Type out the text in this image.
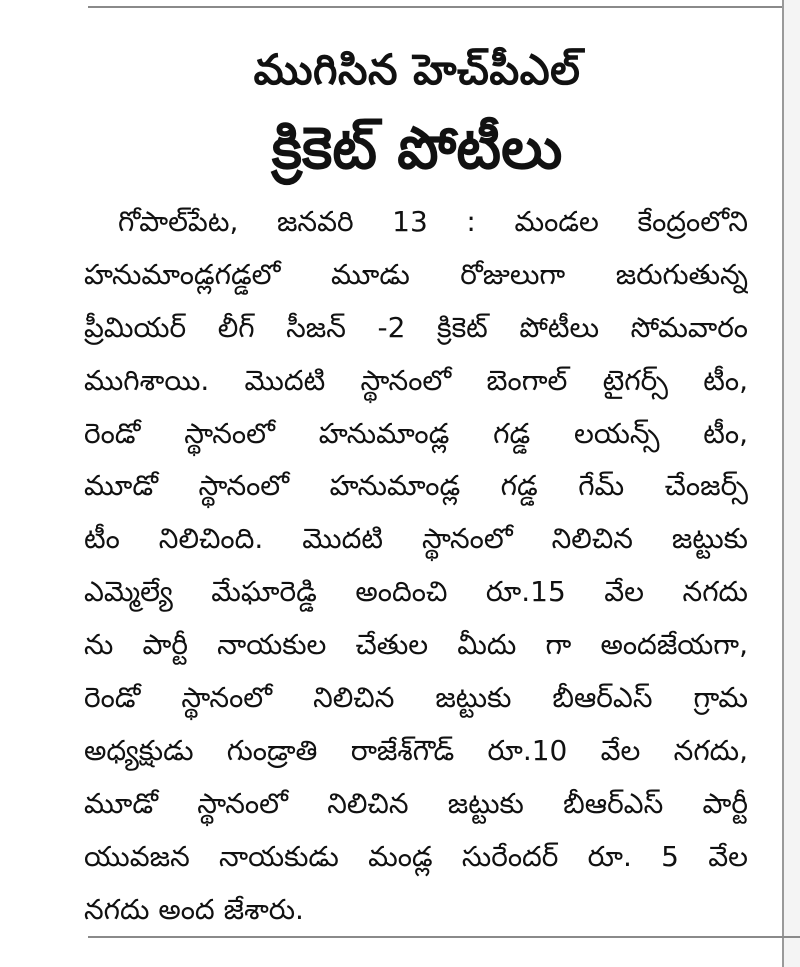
ముగిసిన హెచ్‌పీఎల్
క్రికెట్ పోటీలు
గోపాల్‌పేట, జనవరి 13 : మండల కేంద్రంలోని
హనుమాండ్లగడ్డలో మూడు రోజులుగా జరుగుతున్న
ప్రీమియర్ లీగ్ సీజన్ -2 క్రికెట్ పోటీలు సోమవారం
ముగిశాయి. మొదటి స్థానంలో బెంగాల్ టైగర్స్ టీం,
రెండో స్థానంలో హనుమాండ్ల గడ్డ లయన్స్ టీం,
మూడో స్థానంలో హనుమాండ్ల గడ్డ గేమ్ చేంజర్స్
టీం నిలిచింది. మొదటి స్థానంలో నిలిచిన జట్టుకు
ఎమ్మెల్యే మేఘారెడ్డి అందించి రూ.15 వేల నగదు
ను పార్టీ నాయకుల చేతుల మీదు గా అందజేయగా,
రెండో స్థానంలో నిలిచిన జట్టుకు బీఆర్ఎస్ గ్రామ
అధ్యక్షుడు గుండ్రాతి రాజేశ్‌గౌడ్ రూ.10 వేల నగదు,
మూడో స్థానంలో నిలిచిన జట్టుకు బీఆర్ఎస్ పార్టీ
యువజన నాయకుడు మండ్ల సురేందర్ రూ. 5 వేల
నగదు అంద జేశారు.
